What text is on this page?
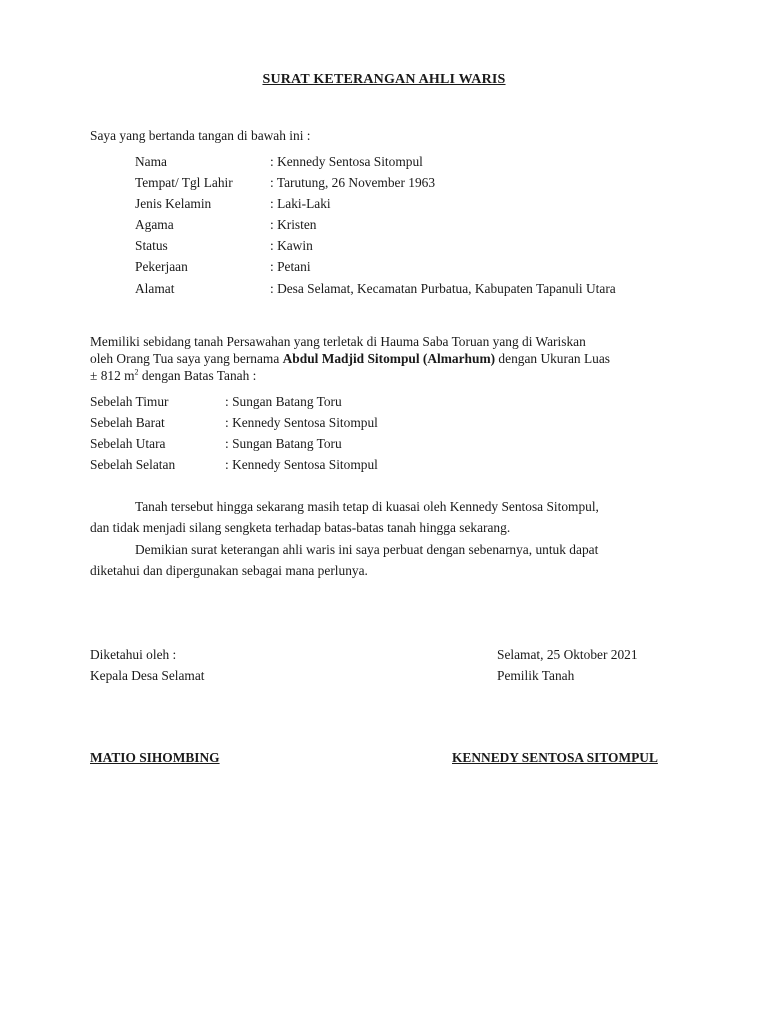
SURAT KETERANGAN AHLI WARIS
Saya yang bertanda tangan di bawah ini :
Nama	: Kennedy Sentosa Sitompul
Tempat/ Tgl Lahir	: Tarutung, 26 November 1963
Jenis Kelamin	: Laki-Laki
Agama	: Kristen
Status	: Kawin
Pekerjaan	: Petani
Alamat	: Desa Selamat, Kecamatan Purbatua, Kabupaten Tapanuli Utara
Memiliki sebidang tanah Persawahan yang terletak di Hauma Saba Toruan yang di Wariskan
oleh Orang Tua saya yang bernama Abdul Madjid Sitompul (Almarhum) dengan Ukuran Luas
± 812 $m^2$ dengan Batas Tanah :
Sebelah Timur	: Sungan Batang Toru
Sebelah Barat	: Kennedy Sentosa Sitompul
Sebelah Utara	: Sungan Batang Toru
Sebelah Selatan	: Kennedy Sentosa Sitompul
Tanah tersebut hingga sekarang masih tetap di kuasai oleh Kennedy Sentosa Sitompul,
dan tidak menjadi silang sengketa terhadap batas-batas tanah hingga sekarang.
Demikian surat keterangan ahli waris ini saya perbuat dengan sebenarnya, untuk dapat
diketahui dan dipergunakan sebagai mana perlunya.
Diketahui oleh :
Kepala Desa Selamat
MATIO SIHOMBING
Selamat, 25 Oktober 2021
Pemilik Tanah
KENNEDY SENTOSA SITOMPUL
